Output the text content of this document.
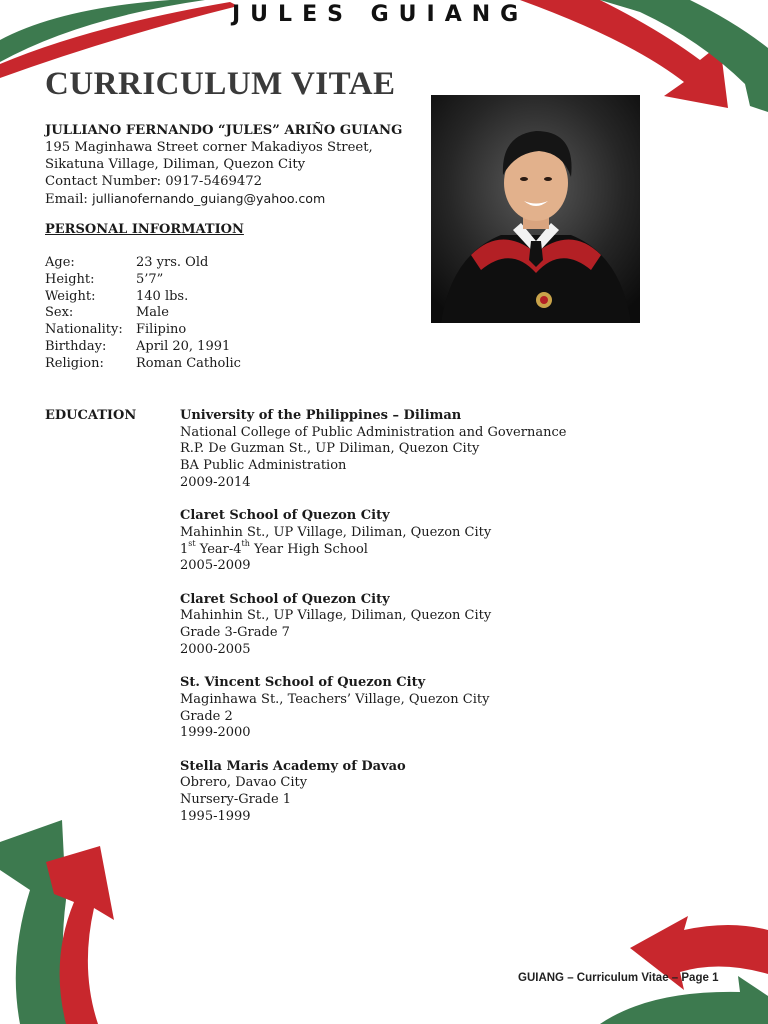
JULES GUIANG
CURRICULUM VITAE
JULLIANO FERNANDO “JULES” ARIÑO GUIANG
195 Maginhawa Street corner Makadiyos Street,
Sikatuna Village, Diliman, Quezon City
Contact Number: 0917-5469472
Email: jullianofernando_guiang@yahoo.com
PERSONAL INFORMATION
Age:	23 yrs. Old
Height:	5’7”
Weight:	140 lbs.
Sex:	Male
Nationality:	Filipino
Birthday:	April 20, 1991
Religion:	Roman Catholic
EDUCATION	University of the Philippines – Diliman
National College of Public Administration and Governance
R.P. De Guzman St., UP Diliman, Quezon City
BA Public Administration
2009-2014
Claret School of Quezon City
Mahinhin St., UP Village, Diliman, Quezon City
1st Year-4th Year High School
2005-2009
Claret School of Quezon City
Mahinhin St., UP Village, Diliman, Quezon City
Grade 3-Grade 7
2000-2005
St. Vincent School of Quezon City
Maginhawa St., Teachers’ Village, Quezon City
Grade 2
1999-2000
Stella Maris Academy of Davao
Obrero, Davao City
Nursery-Grade 1
1995-1999
GUIANG – Curriculum Vitae – Page 1
